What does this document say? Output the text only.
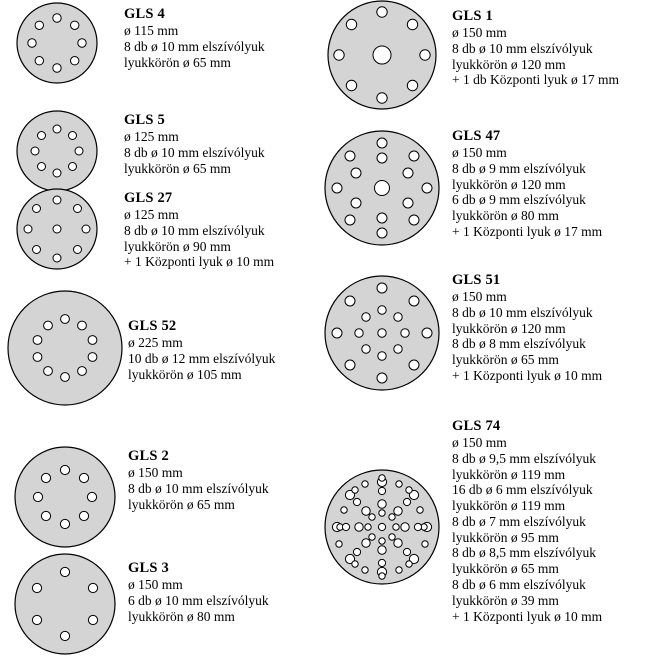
GLS 4
ø 115 mm
8 db ø 10 mm elszívólyuk
lyukkörön ø 65 mm
GLS 5
ø 125 mm
8 db ø 10 mm elszívólyuk
lyukkörön ø 65 mm
GLS 27
ø 125 mm
8 db ø 10 mm elszívólyuk
lyukkörön ø 90 mm
+ 1 Központi lyuk ø 10 mm
GLS 52
ø 225 mm
10 db ø 12 mm elszívólyuk
lyukkörön ø 105 mm
GLS 2
ø 150 mm
8 db ø 10 mm elszívólyuk
lyukkörön ø 65 mm
GLS 3
ø 150 mm
6 db ø 10 mm elszívólyuk
lyukkörön ø 80 mm
GLS 1
ø 150 mm
8 db ø 10 mm elszívólyuk
lyukkörön ø 120 mm
+ 1 db Központi lyuk ø 17 mm
GLS 47
ø 150 mm
8 db ø 9 mm elszívólyuk
lyukkörön ø 120 mm
6 db ø 9 mm elszívólyuk
lyukkörön ø 80 mm
+ 1 Központi lyuk ø 17 mm
GLS 51
ø 150 mm
8 db ø 10 mm elszívólyuk
lyukkörön ø 120 mm
8 db ø 8 mm elszívólyuk
lyukkörön ø 65 mm
+ 1 Központi lyuk ø 10 mm
GLS 74
ø 150 mm
8 db ø 9,5 mm elszívólyuk
lyukkörön ø 119 mm
16 db ø 6 mm elszívólyuk
lyukkörön ø 119 mm
8 db ø 7 mm elszívólyuk
lyukkörön ø 95 mm
8 db ø 8,5 mm elszívólyuk
lyukkörön ø 65 mm
8 db ø 6 mm elszívólyuk
lyukkörön ø 39 mm
+ 1 Központi lyuk ø 10 mm
